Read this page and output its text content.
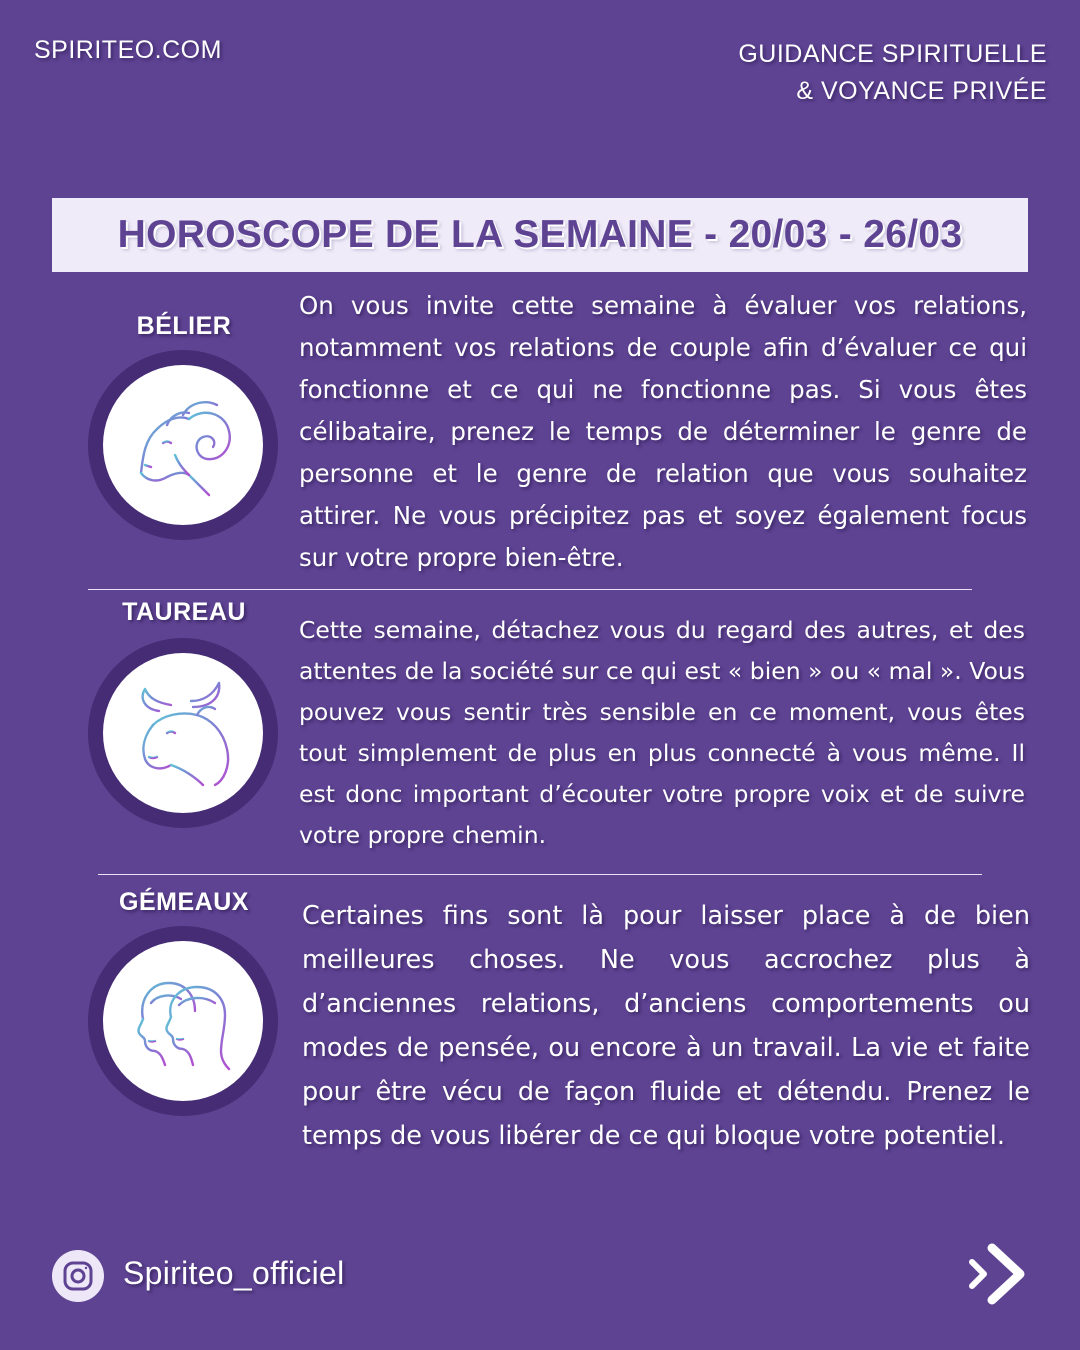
SPIRITEO.COM	GUIDANCE SPIRITUELLE
& VOYANCE PRIVÉE
HOROSCOPE DE LA SEMAINE - 20/03 - 26/03
BÉLIER
On vous invite cette semaine à évaluer vos relations, notamment vos relations de couple afin d’évaluer ce qui fonctionne et ce qui ne fonctionne pas. Si vous êtes célibataire, prenez le temps de déterminer le genre de personne et le genre de relation que vous souhaitez attirer. Ne vous précipitez pas et soyez également focus sur votre propre bien-être.
TAUREAU
Cette semaine, détachez vous du regard des autres, et des attentes de la société sur ce qui est « bien » ou « mal ». Vous pouvez vous sentir très sensible en ce moment, vous êtes tout simplement de plus en plus connecté à vous même. Il est donc important d’écouter votre propre voix et de suivre votre propre chemin.
GÉMEAUX	Certaines fins sont là pour laisser place à de bien meilleures choses. Ne vous accrochez plus à d’anciennes relations, d’anciens comportements ou modes de pensée, ou encore à un travail. La vie et faite pour être vécu de façon fluide et détendu. Prenez le temps de vous libérer de ce qui bloque votre potentiel.
Spiriteo_officiel
